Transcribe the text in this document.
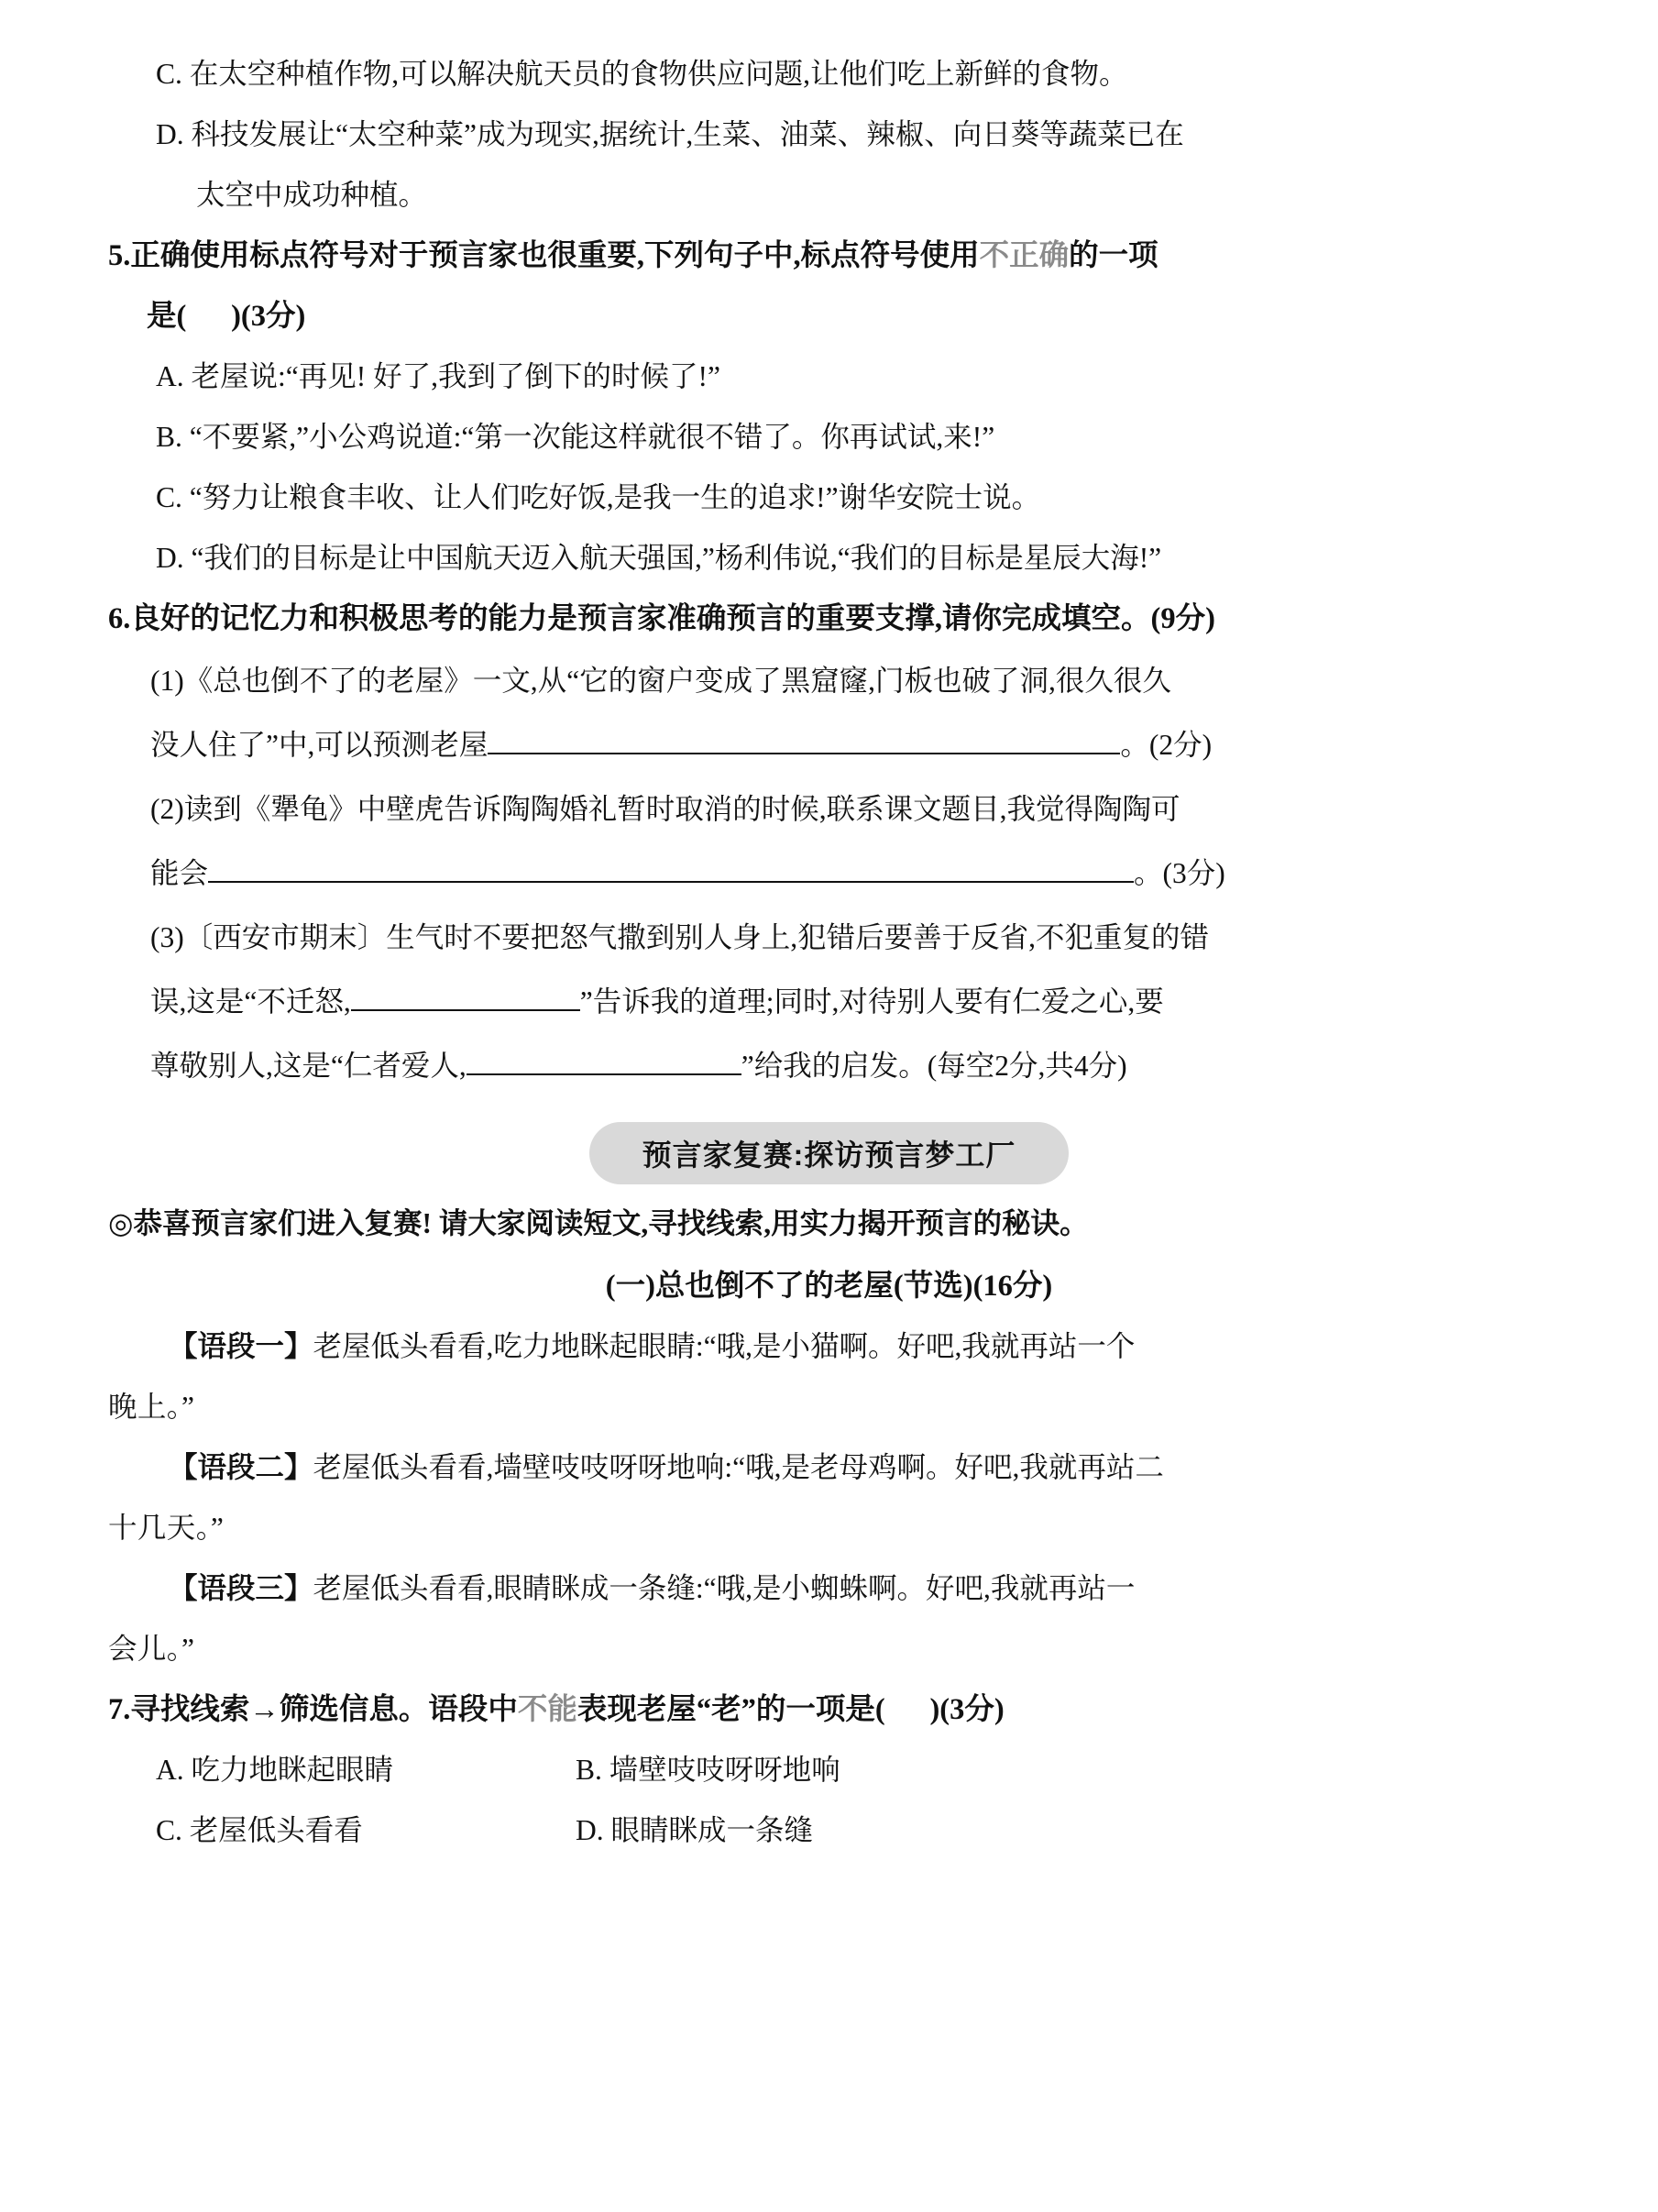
C. 在太空种植作物,可以解决航天员的食物供应问题,让他们吃上新鲜的食物。
D. 科技发展让“太空种菜”成为现实,据统计,生菜、油菜、辣椒、向日葵等蔬菜已在
太空中成功种植。
5.正确使用标点符号对于预言家也很重要,下列句子中,标点符号使用不正确的一项
是(      )(3分)
A. 老屋说:“再见! 好了,我到了倒下的时候了!”
B. “不要紧,”小公鸡说道:“第一次能这样就很不错了。你再试试,来!”
C. “努力让粮食丰收、让人们吃好饭,是我一生的追求!”谢华安院士说。
D. “我们的目标是让中国航天迈入航天强国,”杨利伟说,“我们的目标是星辰大海!”
6.良好的记忆力和积极思考的能力是预言家准确预言的重要支撑,请你完成填空。(9分)
(1)《总也倒不了的老屋》一文,从“它的窗户变成了黑窟窿,门板也破了洞,很久很久
没人住了”中,可以预测老屋	。(2分)
(2)读到《犟龟》中壁虎告诉陶陶婚礼暂时取消的时候,联系课文题目,我觉得陶陶可
能会	。(3分)
(3)〔西安市期末〕生气时不要把怒气撒到别人身上,犯错后要善于反省,不犯重复的错
误,这是“不迁怒,	”告诉我的道理;同时,对待别人要有仁爱之心,要
尊敬别人,这是“仁者爱人,	”给我的启发。(每空2分,共4分)
预言家复赛:探访预言梦工厂
◎恭喜预言家们进入复赛! 请大家阅读短文,寻找线索,用实力揭开预言的秘诀。
(一)总也倒不了的老屋(节选)(16分)
【语段一】老屋低头看看,吃力地眯起眼睛:“哦,是小猫啊。好吧,我就再站一个
晚上。”
【语段二】老屋低头看看,墙壁吱吱呀呀地响:“哦,是老母鸡啊。好吧,我就再站二
十几天。”
【语段三】老屋低头看看,眼睛眯成一条缝:“哦,是小蜘蛛啊。好吧,我就再站一
会儿。”
7.寻找线索→筛选信息。语段中不能表现老屋“老”的一项是(      )(3分)
A. 吃力地眯起眼睛	B. 墙壁吱吱呀呀地响
C. 老屋低头看看	D. 眼睛眯成一条缝
